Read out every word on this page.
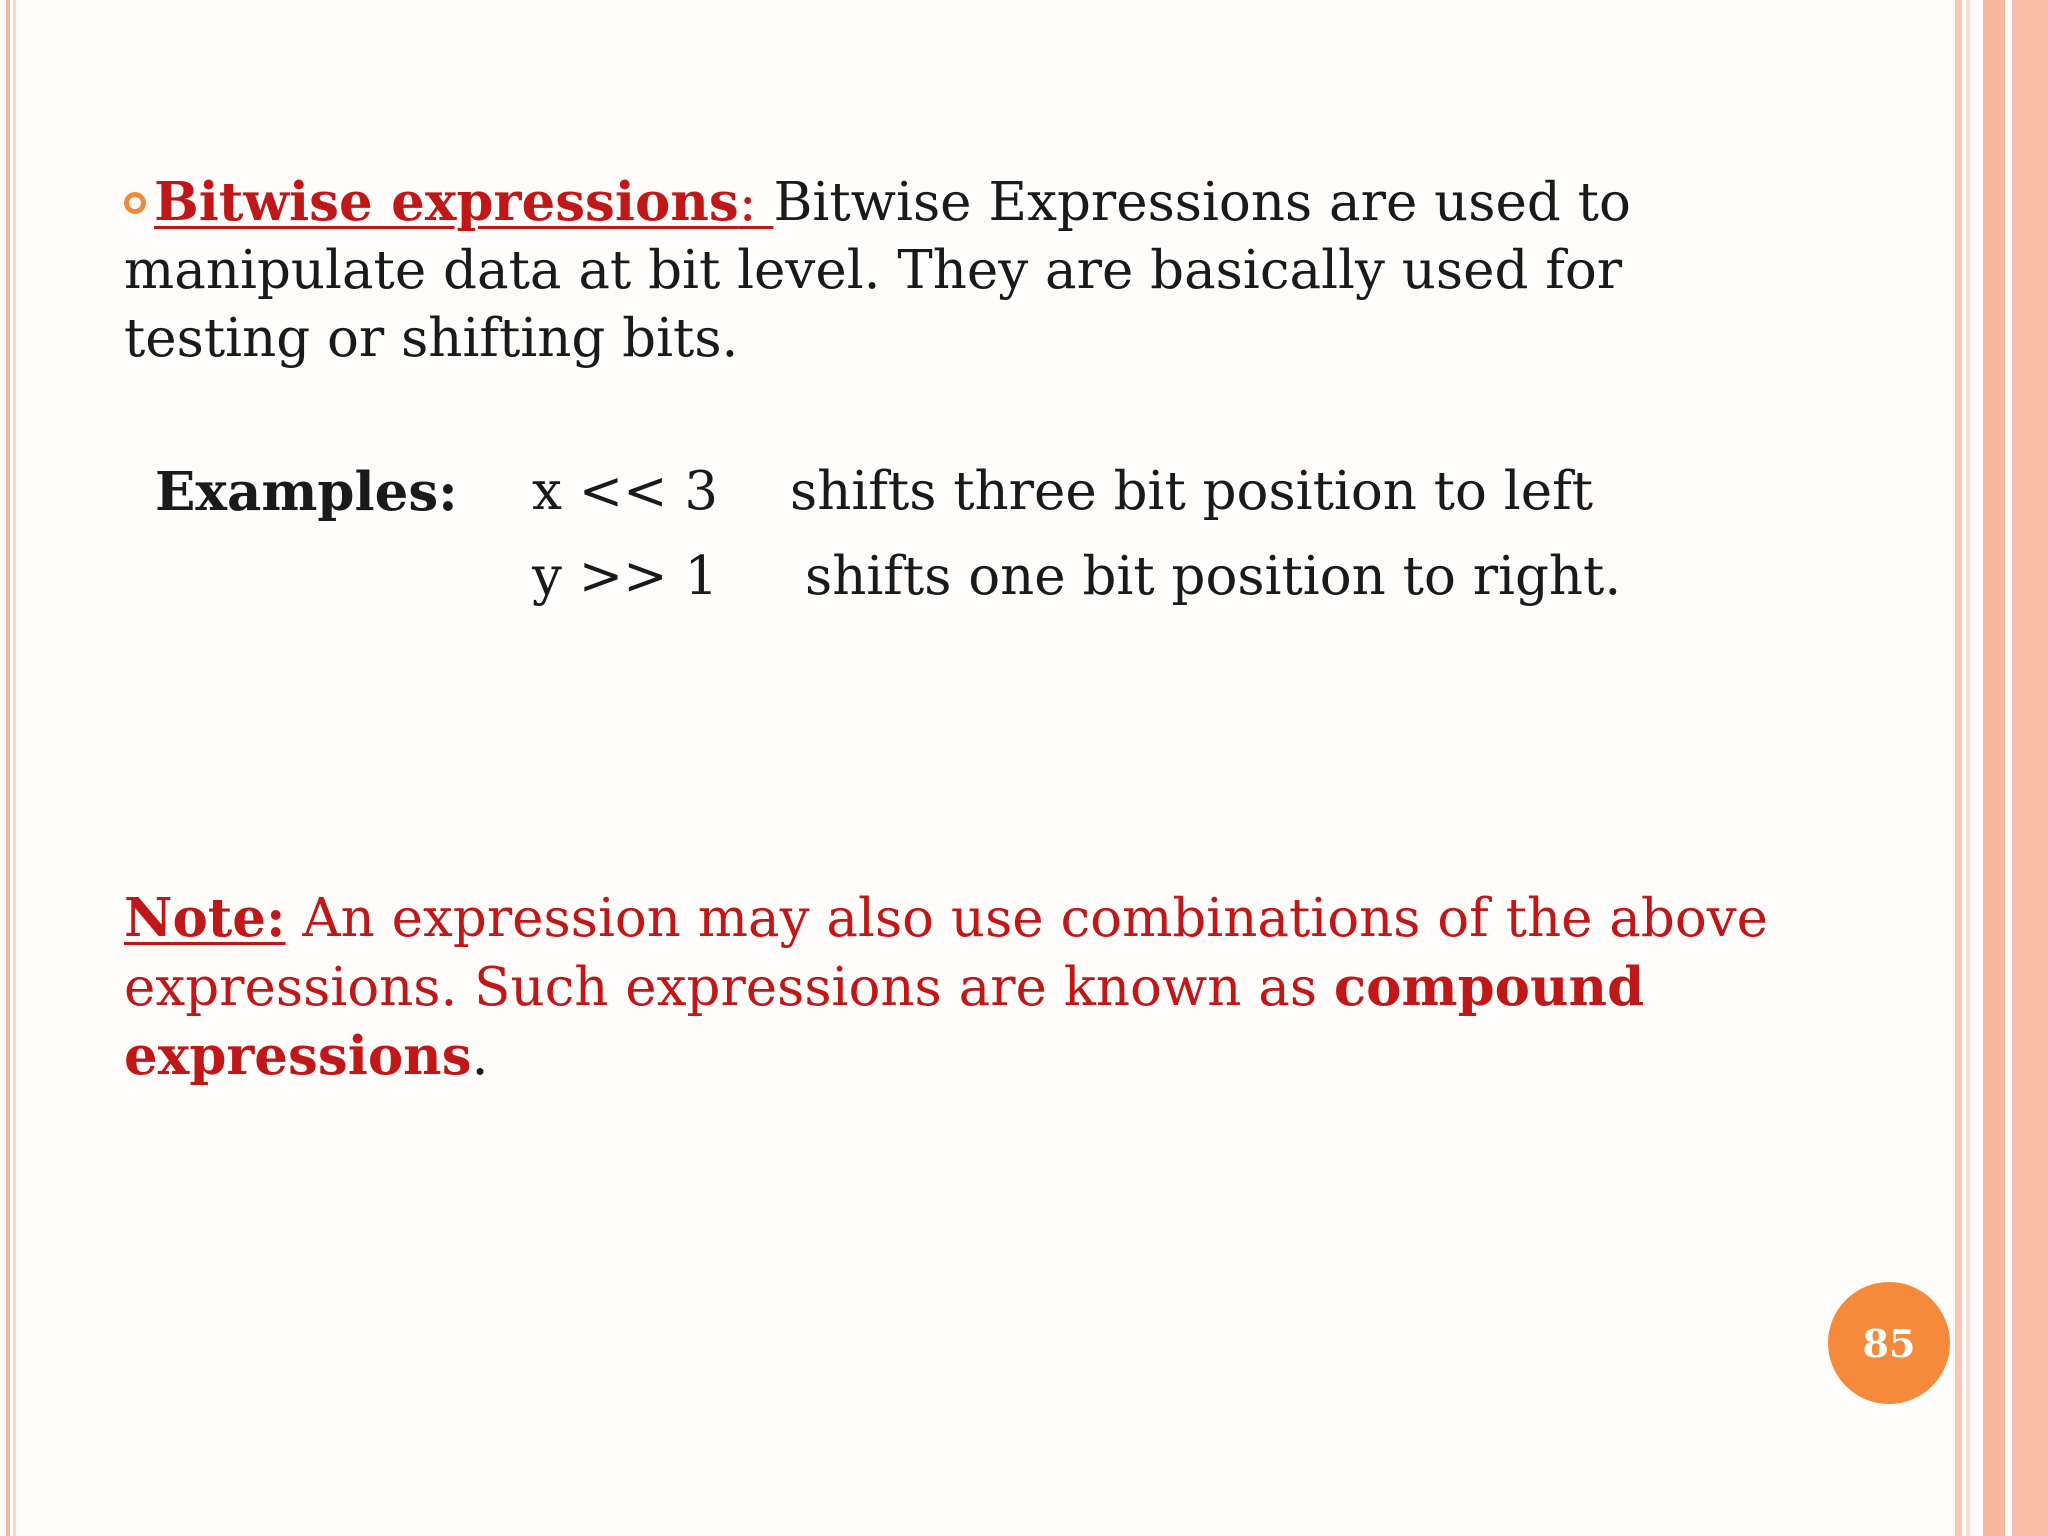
Bitwise expressions: Bitwise Expressions are used to manipulate data at bit level. They are basically used for testing or shifting bits.
Examples: x << 3 shifts three bit position to left
y >> 1 shifts one bit position to right.
Note: An expression may also use combinations of the above expressions. Such expressions are known as compound expressions.
85
